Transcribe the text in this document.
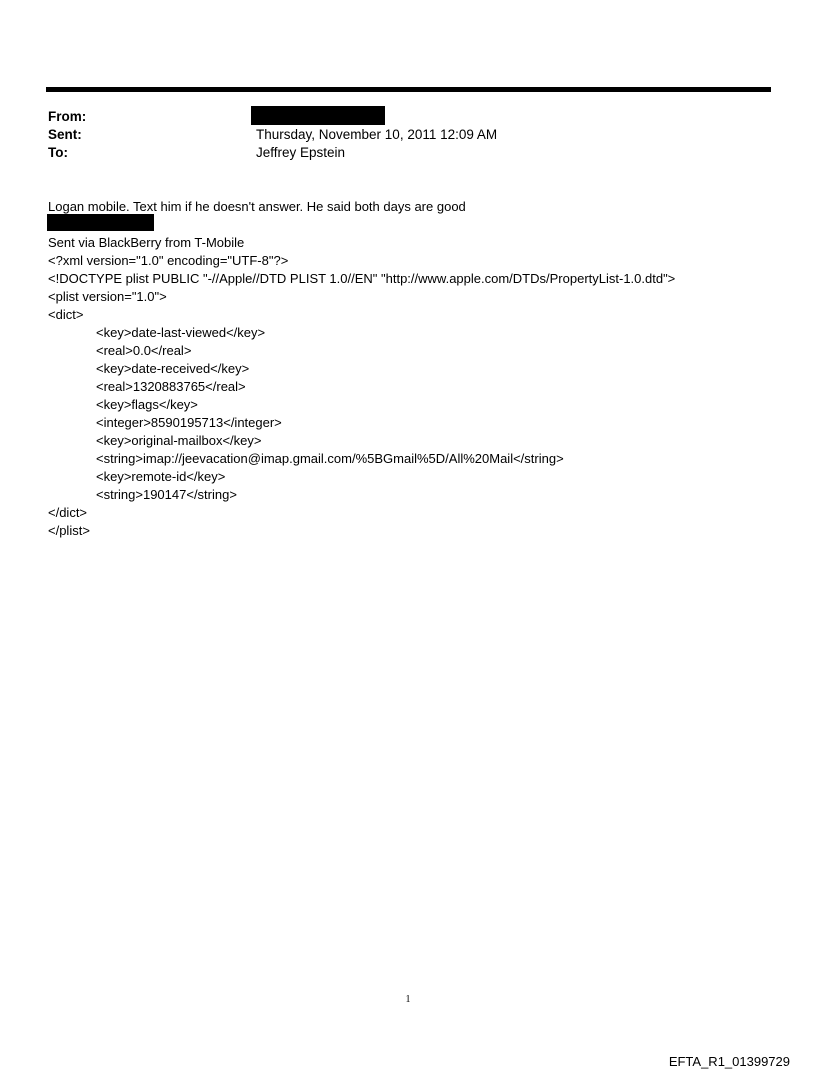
From:
Sent:	Thursday, November 10, 2011 12:09 AM
To:	Jeffrey Epstein
Logan mobile. Text him if he doesn't answer. He said both days are good
Sent via BlackBerry from T-Mobile
<?xml version="1.0" encoding="UTF-8"?>
<!DOCTYPE plist PUBLIC "-//Apple//DTD PLIST 1.0//EN" "http://www.apple.com/DTDs/PropertyList-1.0.dtd">
<plist version="1.0">
<dict>
<key>date-last-viewed</key>
<real>0.0</real>
<key>date-received</key>
<real>1320883765</real>
<key>flags</key>
<integer>8590195713</integer>
<key>original-mailbox</key>
<string>imap://jeevacation@imap.gmail.com/%5BGmail%5D/All%20Mail</string>
<key>remote-id</key>
<string>190147</string>
</dict>
</plist>
1
EFTA_R1_01399729
